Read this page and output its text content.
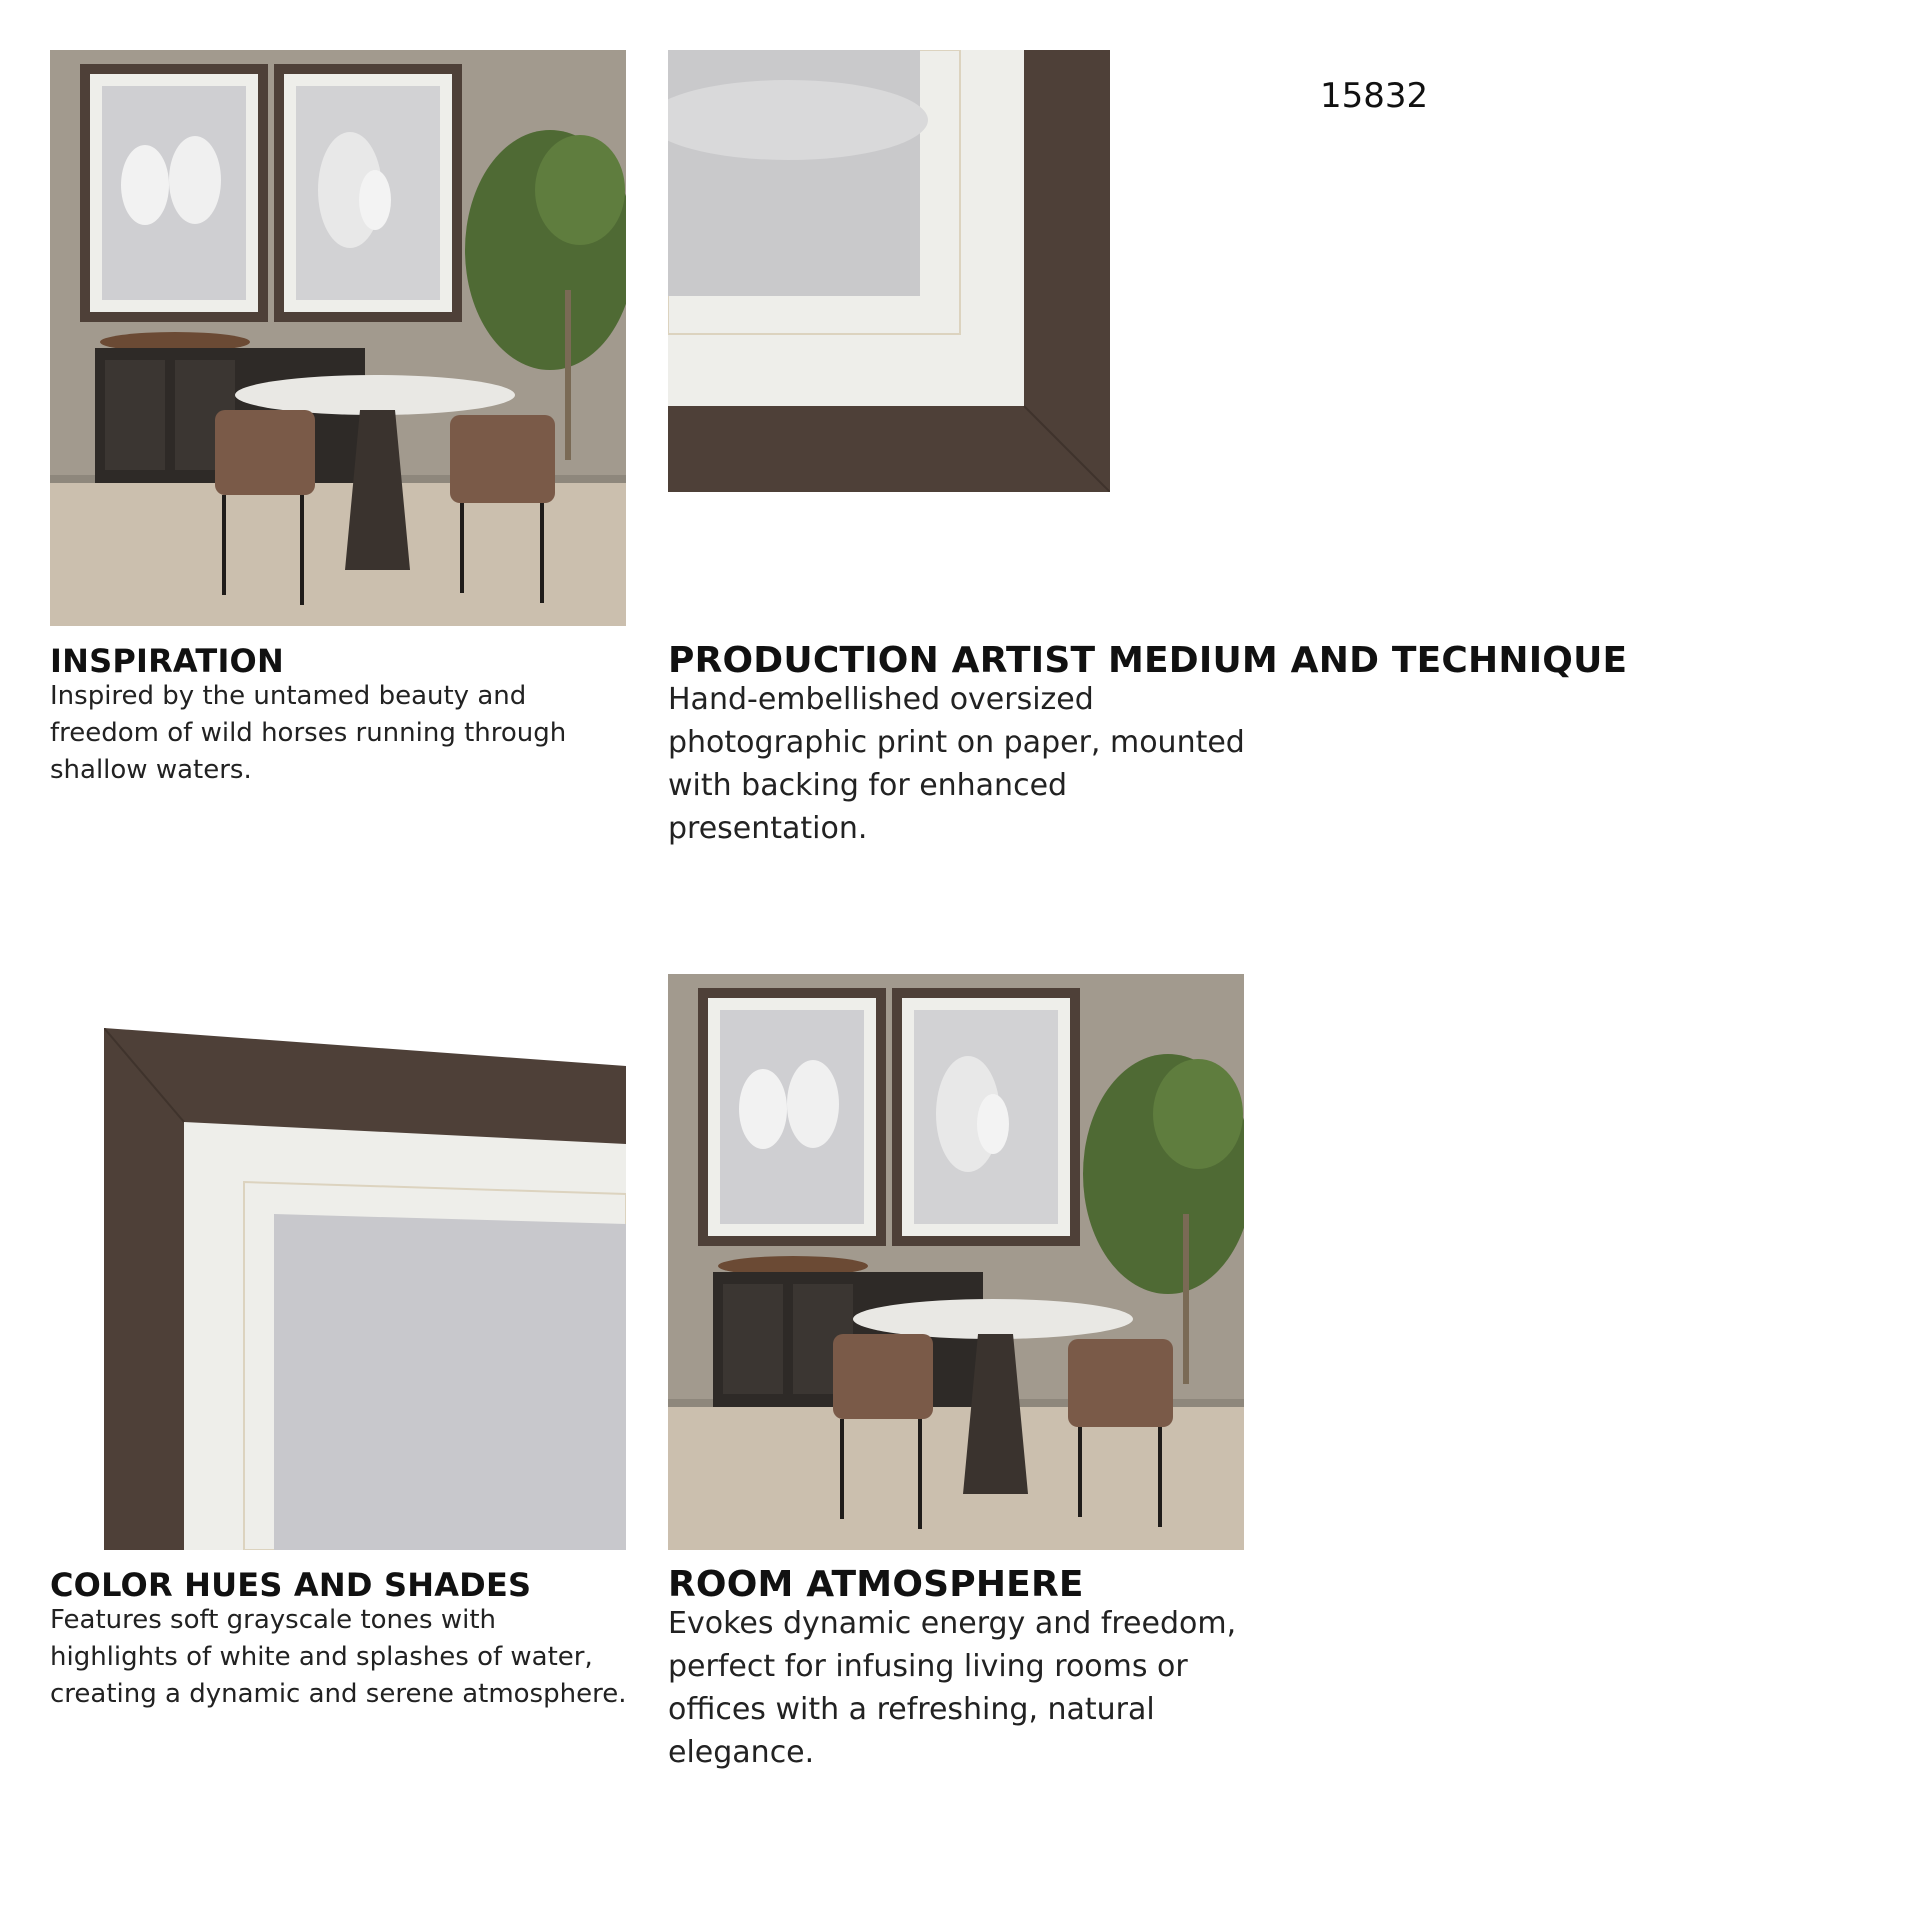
15832
INSPIRATION
Inspired by the untamed beauty and freedom of wild horses running through shallow waters.
PRODUCTION ARTIST MEDIUM AND TECHNIQUE
Hand-embellished oversized photographic print on paper, mounted with backing for enhanced presentation.
COLOR HUES AND SHADES
Features soft grayscale tones with highlights of white and splashes of water, creating a dynamic and serene atmosphere.
ROOM ATMOSPHERE
Evokes dynamic energy and freedom, perfect for infusing living rooms or offices with a refreshing, natural elegance.
